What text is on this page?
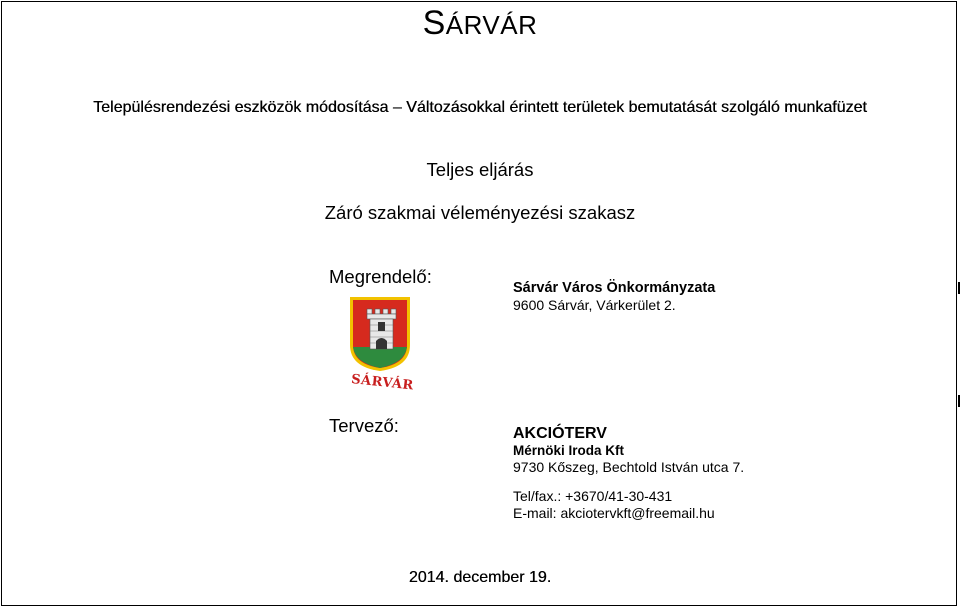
SÁRVÁR
Településrendezési eszközök módosítása – Változásokkal érintett területek bemutatását szolgáló munkafüzet
Teljes eljárás
Záró szakmai véleményezési szakasz
Megrendelő:
Sárvár Város Önkormányzata
9600 Sárvár, Várkerület 2.
SÁRVÁR
Tervező:	AKCIÓTERV
Mérnöki Iroda Kft
9730 Kőszeg, Bechtold István utca 7.
Tel/fax.: +3670/41-30-431
E-mail: akciotervkft@freemail.hu
2014. december 19.
